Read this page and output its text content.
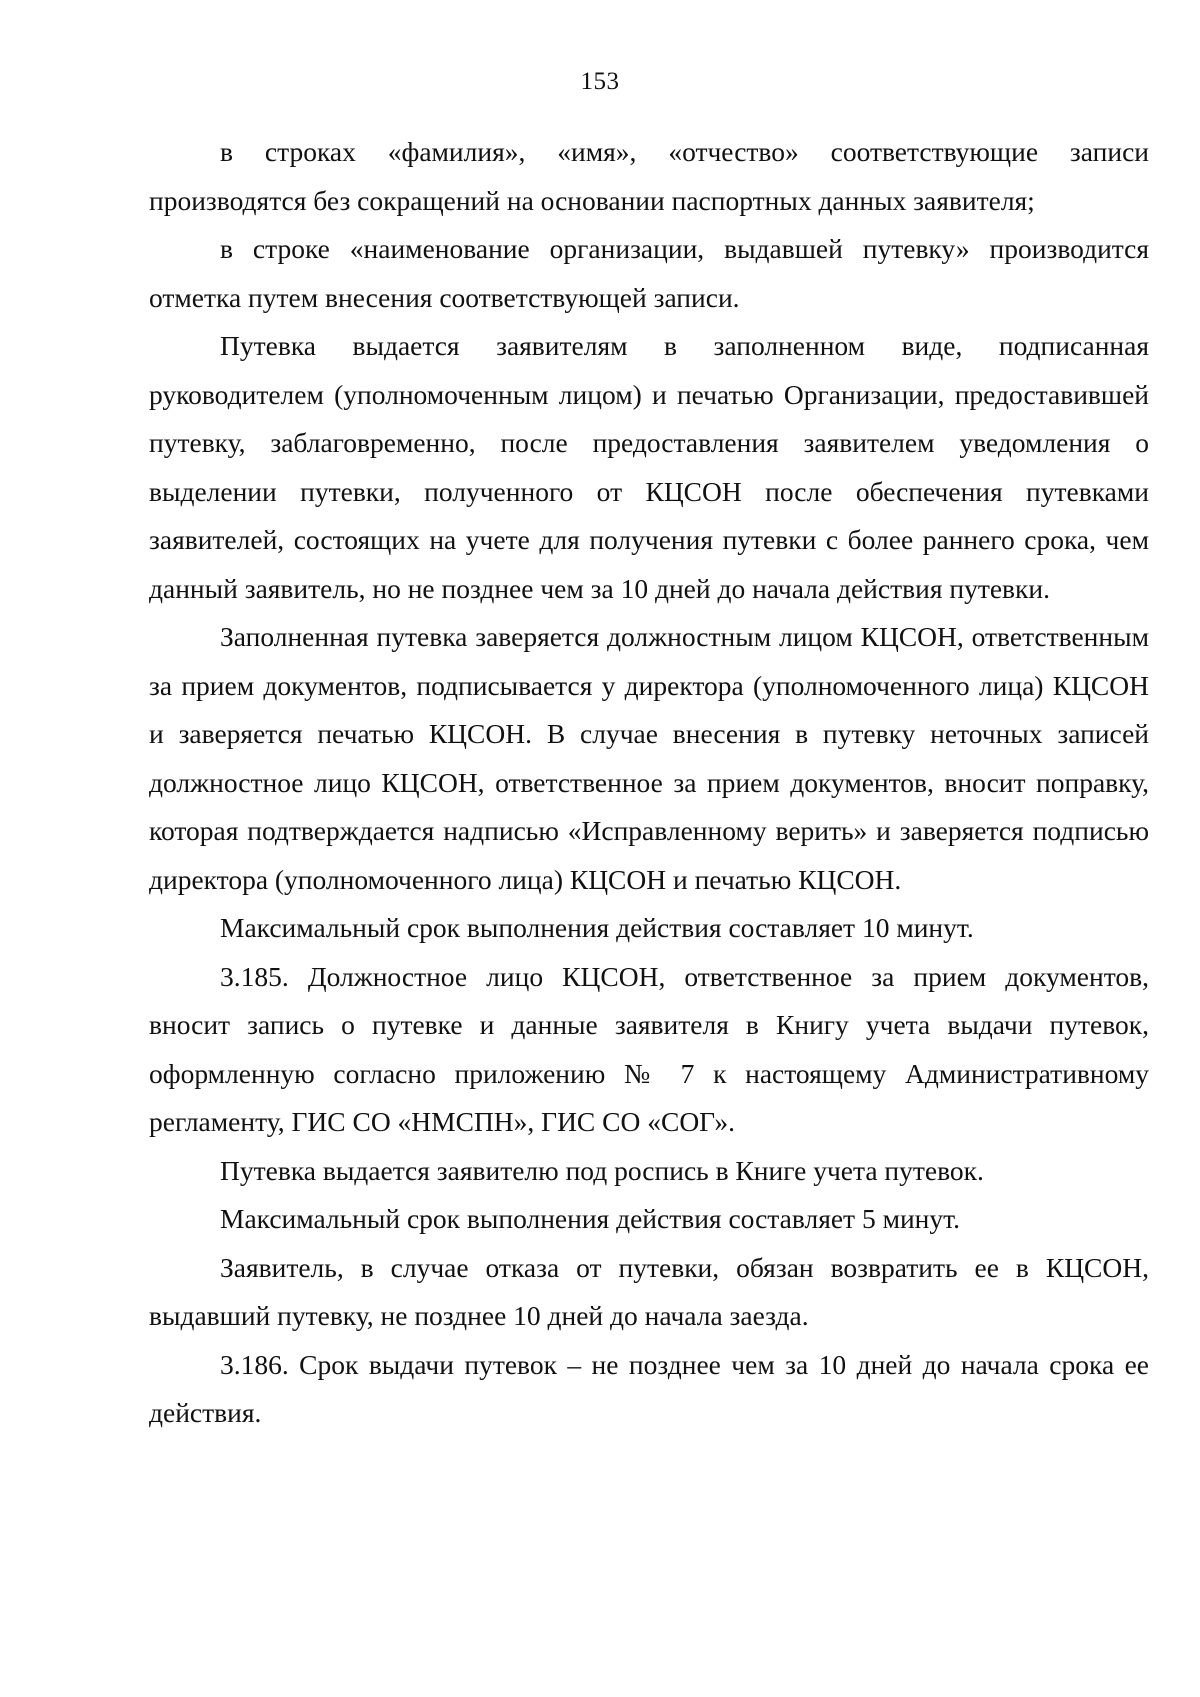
153

в строках «фамилия», «имя», «отчество» соответствующие записи производятся без сокращений на основании паспортных данных заявителя;

в строке «наименование организации, выдавшей путевку» производится отметка путем внесения соответствующей записи.

Путевка выдается заявителям в заполненном виде, подписанная руководителем (уполномоченным лицом) и печатью Организации, предоставившей путевку, заблаговременно, после предоставления заявителем уведомления о выделении путевки, полученного от КЦСОН после обеспечения путевками заявителей, состоящих на учете для получения путевки с более раннего срока, чем данный заявитель, но не позднее чем за 10 дней до начала действия путевки.

Заполненная путевка заверяется должностным лицом КЦСОН, ответственным за прием документов, подписывается у директора (уполномоченного лица) КЦСОН и заверяется печатью КЦСОН. В случае внесения в путевку неточных записей должностное лицо КЦСОН, ответственное за прием документов, вносит поправку, которая подтверждается надписью «Исправленному верить» и заверяется подписью директора (уполномоченного лица) КЦСОН и печатью КЦСОН.

Максимальный срок выполнения действия составляет 10 минут.

3.185. Должностное лицо КЦСОН, ответственное за прием документов, вносит запись о путевке и данные заявителя в Книгу учета выдачи путевок, оформленную согласно приложению № 7 к настоящему Административному регламенту, ГИС СО «НМСПН», ГИС СО «СОГ».

Путевка выдается заявителю под роспись в Книге учета путевок.

Максимальный срок выполнения действия составляет 5 минут.

Заявитель, в случае отказа от путевки, обязан возвратить ее в КЦСОН, выдавший путевку, не позднее 10 дней до начала заезда.

3.186. Срок выдачи путевок – не позднее чем за 10 дней до начала срока ее действия.
